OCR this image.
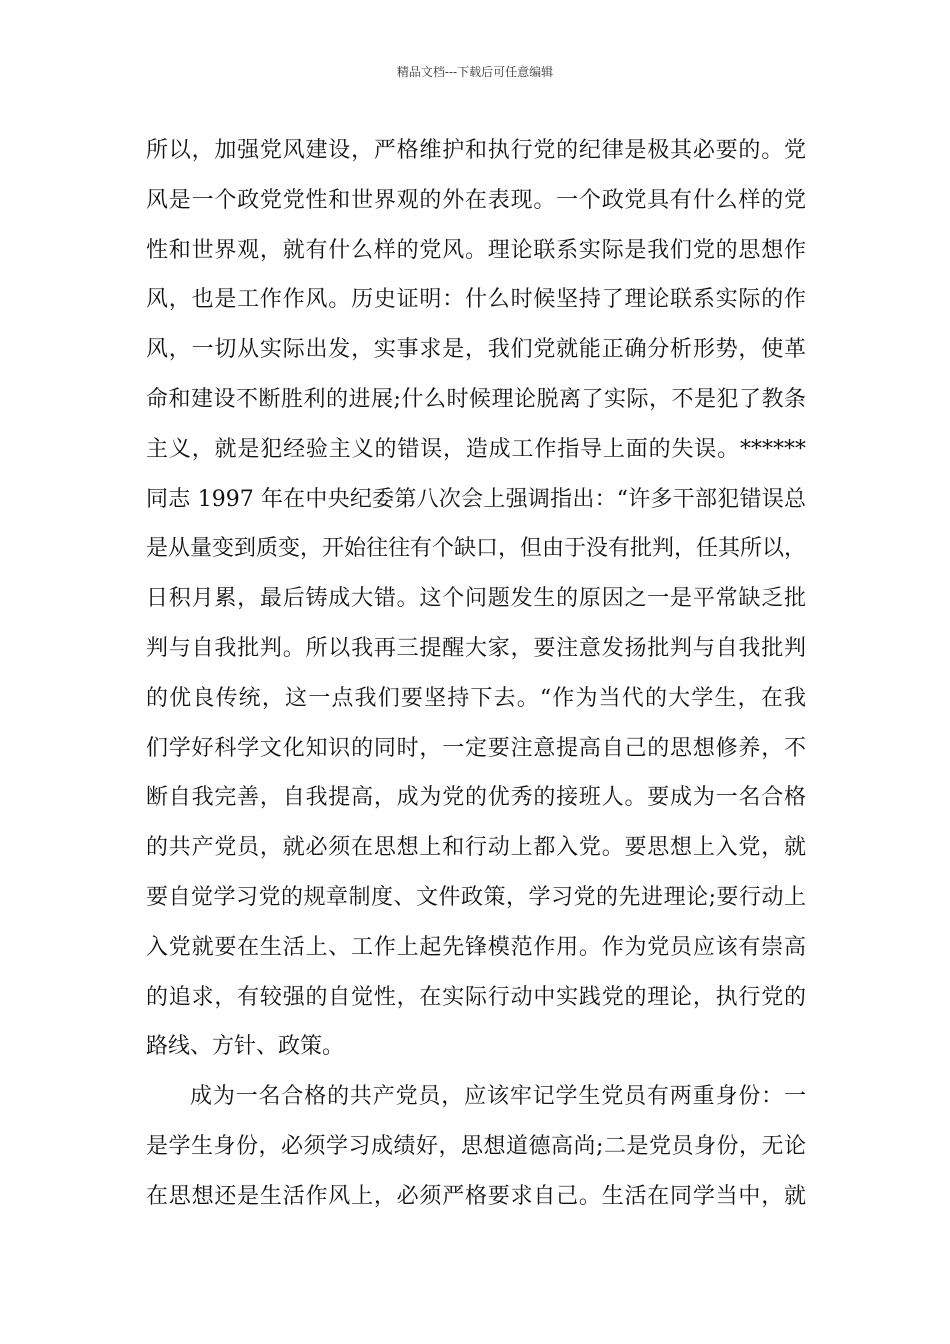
精品文档---下载后可任意编辑
所以，加强党风建设，严格维护和执行党的纪律是极其必要的。党
风是一个政党党性和世界观的外在表现。一个政党具有什么样的党
性和世界观，就有什么样的党风。理论联系实际是我们党的思想作
风，也是工作作风。历史证明：什么时候坚持了理论联系实际的作
风，一切从实际出发，实事求是，我们党就能正确分析形势，使革
命和建设不断胜利的进展;什么时候理论脱离了实际，不是犯了教条
主义，就是犯经验主义的错误，造成工作指导上面的失误。******
同志 1997 年在中央纪委第八次会上强调指出：“许多干部犯错误总
是从量变到质变，开始往往有个缺口，但由于没有批判，任其所以，
日积月累，最后铸成大错。这个问题发生的原因之一是平常缺乏批
判与自我批判。所以我再三提醒大家，要注意发扬批判与自我批判
的优良传统，这一点我们要坚持下去。“作为当代的大学生，在我
们学好科学文化知识的同时，一定要注意提高自己的思想修养，不
断自我完善，自我提高，成为党的优秀的接班人。要成为一名合格
的共产党员，就必须在思想上和行动上都入党。要思想上入党，就
要自觉学习党的规章制度、文件政策，学习党的先进理论;要行动上
入党就要在生活上、工作上起先锋模范作用。作为党员应该有崇高
的追求，有较强的自觉性，在实际行动中实践党的理论，执行党的
路线、方针、政策。
成为一名合格的共产党员，应该牢记学生党员有两重身份：一
是学生身份，必须学习成绩好，思想道德高尚;二是党员身份，无论
在思想还是生活作风上，必须严格要求自己。生活在同学当中，就
